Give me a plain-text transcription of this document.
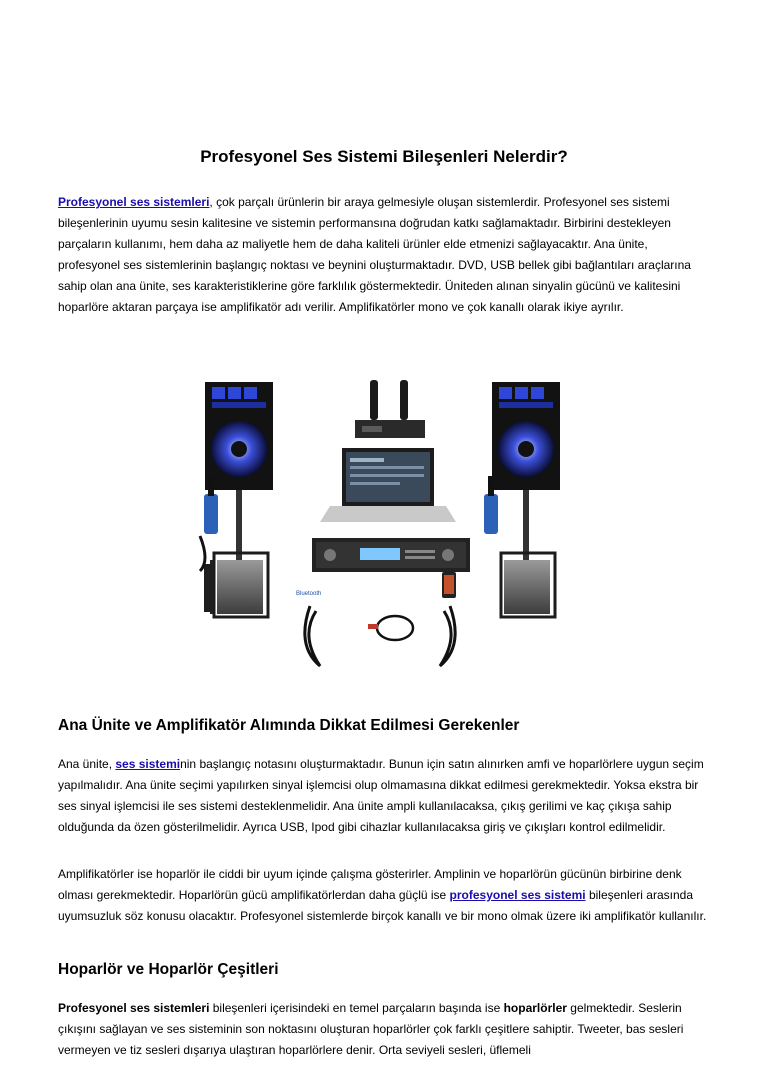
Profesyonel Ses Sistemi Bileşenleri Nelerdir?

Profesyonel ses sistemleri, çok parçalı ürünlerin bir araya gelmesiyle oluşan sistemlerdir. Profesyonel ses sistemi bileşenlerinin uyumu sesin kalitesine ve sistemin performansına doğrudan katkı sağlamaktadır. Birbirini destekleyen parçaların kullanımı, hem daha az maliyetle hem de daha kaliteli ürünler elde etmenizi sağlayacaktır. Ana ünite, profesyonel ses sistemlerinin başlangıç noktası ve beynini oluşturmaktadır. DVD, USB bellek gibi bağlantıları araçlarına sahip olan ana ünite, ses karakteristiklerine göre farklılık göstermektedir. Üniteden alınan sinyalin gücünü ve kalitesini hoparlöre aktaran parçaya ise amplifikatör adı verilir. Amplifikatörler mono ve çok kanallı olarak ikiye ayrılır.

Bluetooth
Ana Ünite ve Amplifikatör Alımında Dikkat Edilmesi Gerekenler

Ana ünite, ses sisteminin başlangıç notasını oluşturmaktadır. Bunun için satın alınırken amfi ve hoparlörlere uygun seçim yapılmalıdır. Ana ünite seçimi yapılırken sinyal işlemcisi olup olmamasına dikkat edilmesi gerekmektedir. Yoksa ekstra bir ses sinyal işlemcisi ile ses sistemi desteklenmelidir. Ana ünite ampli kullanılacaksa, çıkış gerilimi ve kaç çıkışa sahip olduğunda da özen gösterilmelidir. Ayrıca USB, Ipod gibi cihazlar kullanılacaksa giriş ve çıkışları kontrol edilmelidir.

Amplifikatörler ise hoparlör ile ciddi bir uyum içinde çalışma gösterirler. Amplinin ve hoparlörün gücünün birbirine denk olması gerekmektedir. Hoparlörün gücü amplifikatörlerdan daha güçlü ise profesyonel ses sistemi bileşenleri arasında uyumsuzluk söz konusu olacaktır. Profesyonel sistemlerde birçok kanallı ve bir mono olmak üzere iki amplifikatör kullanılır.

Hoparlör ve Hoparlör Çeşitleri

Profesyonel ses sistemleri bileşenleri içerisindeki en temel parçaların başında ise hoparlörler gelmektedir. Seslerin çıkışını sağlayan ve ses sisteminin son noktasını oluşturan hoparlörler çok farklı çeşitlere sahiptir. Tweeter, bas sesleri vermeyen ve tiz sesleri dışarıya ulaştıran hoparlörlere denir. Orta seviyeli sesleri, üflemeli
